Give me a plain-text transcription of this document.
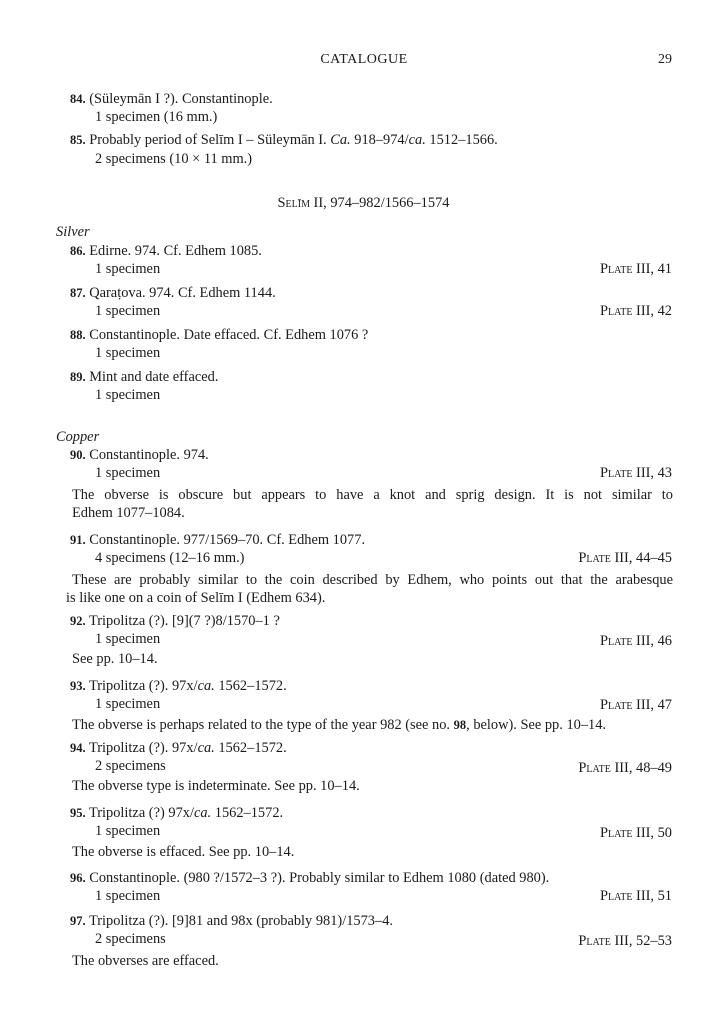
CATALOGUE	29
84. (Süleymān I ?). Constantinople.
1 specimen (16 mm.)
85. Probably period of Selīm I – Süleymān I. Ca. 918–974/ca. 1512–1566.
2 specimens (10 × 11 mm.)
Selīm II, 974–982/1566–1574
Silver
86. Edirne. 974. Cf. Edhem 1085.
1 specimen	Plate III, 41
87. Qaraṭova. 974. Cf. Edhem 1144.
1 specimen	Plate III, 42
88. Constantinople. Date effaced. Cf. Edhem 1076 ?
1 specimen
89. Mint and date effaced.
1 specimen
Copper
90. Constantinople. 974.
1 specimen	Plate III, 43
The obverse is obscure but appears to have a knot and sprig design. It is not similar to
Edhem 1077–1084.
91. Constantinople. 977/1569–70. Cf. Edhem 1077.
4 specimens (12–16 mm.)	Plate III, 44–45
These are probably similar to the coin described by Edhem, who points out that the arabesque
is like one on a coin of Selīm I (Edhem 634).
92. Tripolitza (?). [9](7 ?)8/1570–1 ?
1 specimen	Plate III, 46
See pp. 10–14.
93. Tripolitza (?). 97x/ca. 1562–1572.
1 specimen	Plate III, 47
The obverse is perhaps related to the type of the year 982 (see no. 98, below). See pp. 10–14.
94. Tripolitza (?). 97x/ca. 1562–1572.
2 specimens	Plate III, 48–49
The obverse type is indeterminate. See pp. 10–14.
95. Tripolitza (?) 97x/ca. 1562–1572.
1 specimen	Plate III, 50
The obverse is effaced. See pp. 10–14.
96. Constantinople. (980 ?/1572–3 ?). Probably similar to Edhem 1080 (dated 980).
1 specimen	Plate III, 51
97. Tripolitza (?). [9]81 and 98x (probably 981)/1573–4.
2 specimens	Plate III, 52–53
The obverses are effaced.
